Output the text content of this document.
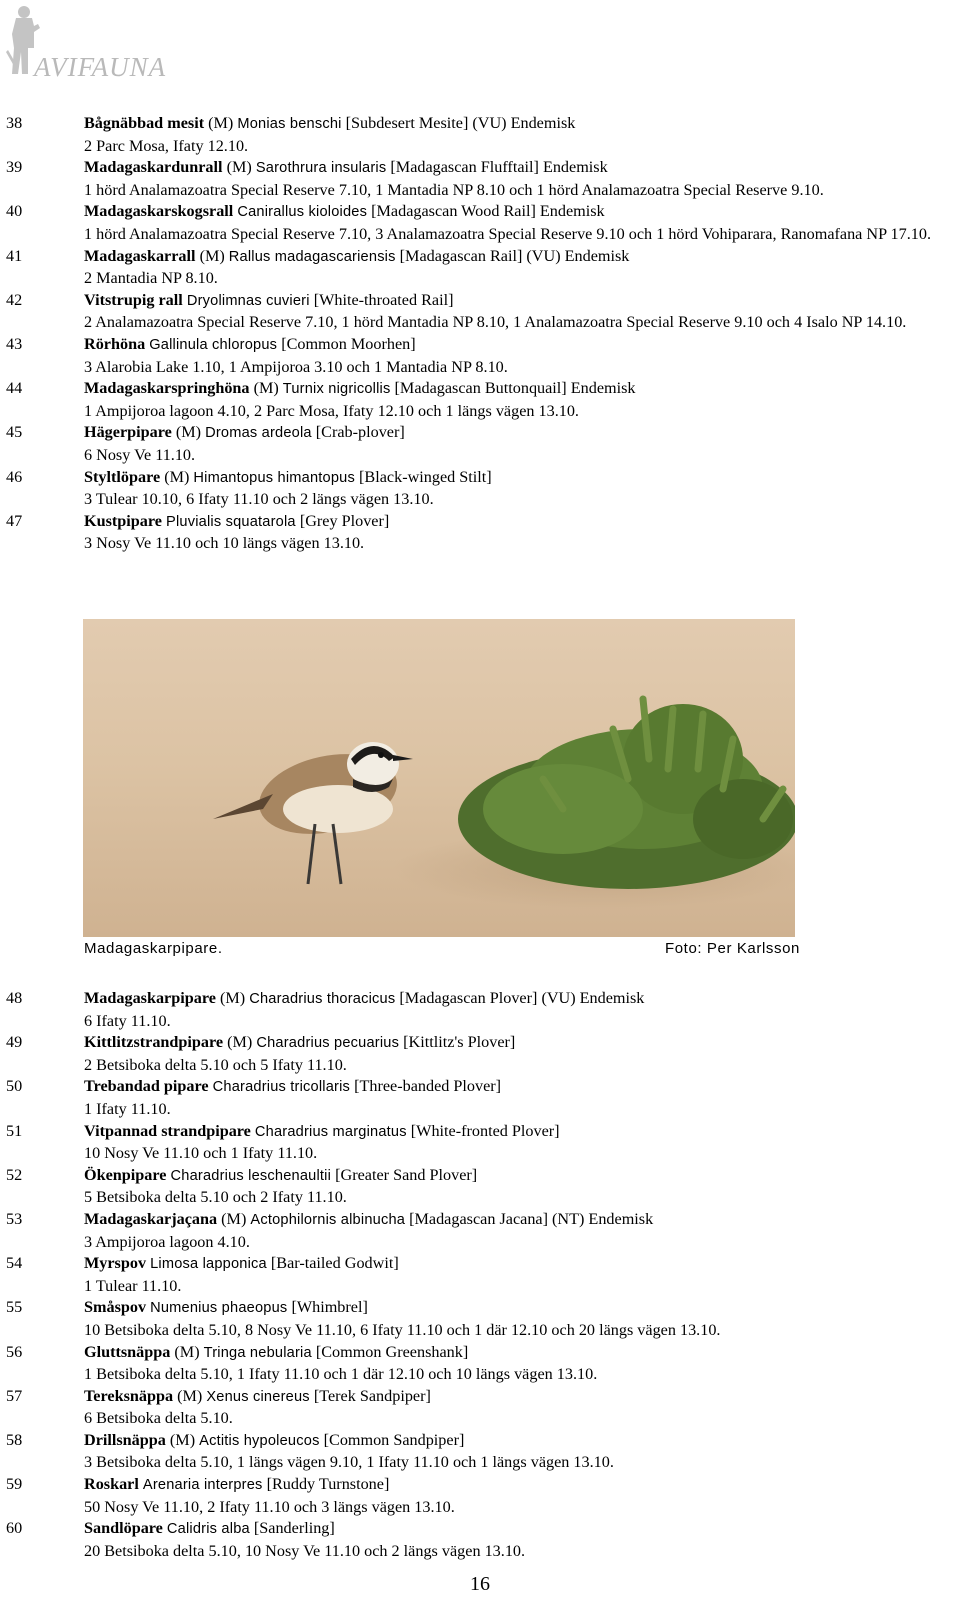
AVIFAUNA
38	Bågnäbbad mesit (M) Monias benschi [Subdesert Mesite] (VU) Endemisk
2 Parc Mosa, Ifaty 12.10.
39	Madagaskardunrall (M) Sarothrura insularis [Madagascan Flufftail] Endemisk
1 hörd Analamazoatra Special Reserve 7.10, 1 Mantadia NP 8.10 och 1 hörd Analamazoatra Special Reserve 9.10.
40	Madagaskarskogsrall Canirallus kioloides [Madagascan Wood Rail] Endemisk
1 hörd Analamazoatra Special Reserve 7.10, 3 Analamazoatra Special Reserve 9.10 och 1 hörd Vohiparara, Ranomafana NP 17.10.
41	Madagaskarrall (M) Rallus madagascariensis [Madagascan Rail] (VU) Endemisk
2 Mantadia NP 8.10.
42	Vitstrupig rall Dryolimnas cuvieri [White-throated Rail]
2 Analamazoatra Special Reserve 7.10, 1 hörd Mantadia NP 8.10, 1 Analamazoatra Special Reserve 9.10 och 4 Isalo NP 14.10.
43	Rörhöna Gallinula chloropus [Common Moorhen]
3 Alarobia Lake 1.10, 1 Ampijoroa 3.10 och 1 Mantadia NP 8.10.
44	Madagaskarspringhöna (M) Turnix nigricollis [Madagascan Buttonquail] Endemisk
1 Ampijoroa lagoon 4.10, 2 Parc Mosa, Ifaty 12.10 och 1 längs vägen 13.10.
45	Hägerpipare (M) Dromas ardeola [Crab-plover]
6 Nosy Ve 11.10.
46	Styltlöpare (M) Himantopus himantopus [Black-winged Stilt]
3 Tulear 10.10, 6 Ifaty 11.10 och 2 längs vägen 13.10.
47	Kustpipare Pluvialis squatarola [Grey Plover]
3 Nosy Ve 11.10 och 10 längs vägen 13.10.
Madagaskarpipare.	Foto: Per Karlsson
48	Madagaskarpipare (M) Charadrius thoracicus [Madagascan Plover] (VU) Endemisk
6 Ifaty 11.10.
49	Kittlitzstrandpipare (M) Charadrius pecuarius [Kittlitz's Plover]
2 Betsiboka delta 5.10 och 5 Ifaty 11.10.
50	Trebandad pipare Charadrius tricollaris [Three-banded Plover]
1 Ifaty 11.10.
51	Vitpannad strandpipare Charadrius marginatus [White-fronted Plover]
10 Nosy Ve 11.10 och 1 Ifaty 11.10.
52	Ökenpipare Charadrius leschenaultii [Greater Sand Plover]
5 Betsiboka delta 5.10 och 2 Ifaty 11.10.
53	Madagaskarjaçana (M) Actophilornis albinucha [Madagascan Jacana] (NT) Endemisk
3 Ampijoroa lagoon 4.10.
54	Myrspov Limosa lapponica [Bar-tailed Godwit]
1 Tulear 11.10.
55	Småspov Numenius phaeopus [Whimbrel]
10 Betsiboka delta 5.10, 8 Nosy Ve 11.10, 6 Ifaty 11.10 och 1 där 12.10 och 20 längs vägen 13.10.
56	Gluttsnäppa (M) Tringa nebularia [Common Greenshank]
1 Betsiboka delta 5.10, 1 Ifaty 11.10 och 1 där 12.10 och 10 längs vägen 13.10.
57	Tereksnäppa (M) Xenus cinereus [Terek Sandpiper]
6 Betsiboka delta 5.10.
58	Drillsnäppa (M) Actitis hypoleucos [Common Sandpiper]
3 Betsiboka delta 5.10, 1 längs vägen 9.10, 1 Ifaty 11.10 och 1 längs vägen 13.10.
59	Roskarl Arenaria interpres [Ruddy Turnstone]
50 Nosy Ve 11.10, 2 Ifaty 11.10 och 3 längs vägen 13.10.
60	Sandlöpare Calidris alba [Sanderling]
20 Betsiboka delta 5.10, 10 Nosy Ve 11.10 och 2 längs vägen 13.10.
16
